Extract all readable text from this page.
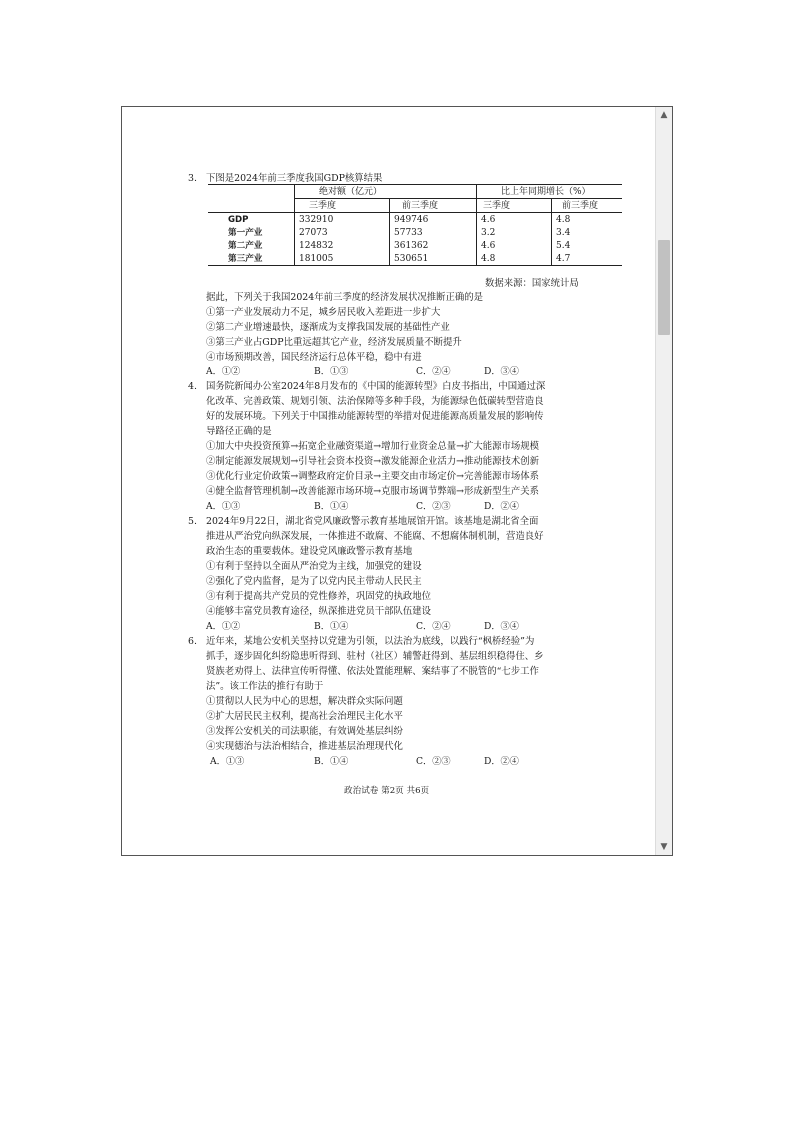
3. 下图是2024年前三季度我国GDP核算结果
	绝对额（亿元）		比上年同期增长（%）	
	三季度	前三季度	三季度	前三季度
GDP	332910	949746	4.6	4.8
第一产业	27073	57733	3.2	3.4
第二产业	124832	361362	4.6	5.4
第三产业	181005	530651	4.8	4.7
数据来源：国家统计局
据此，下列关于我国2024年前三季度的经济发展状况推断正确的是
①第一产业发展动力不足，城乡居民收入差距进一步扩大
②第二产业增速最快，逐渐成为支撑我国发展的基础性产业
③第三产业占GDP比重远超其它产业，经济发展质量不断提升
④市场预期改善，国民经济运行总体平稳，稳中有进
A．①②	B．①③	C．②④	D．③④
4. 国务院新闻办公室2024年8月发布的《中国的能源转型》白皮书指出，中国通过深
化改革、完善政策、规划引领、法治保障等多种手段，为能源绿色低碳转型营造良
好的发展环境。下列关于中国推动能源转型的举措对促进能源高质量发展的影响传
导路径正确的是
①加大中央投资预算→拓宽企业融资渠道→增加行业资金总量→扩大能源市场规模
②制定能源发展规划→引导社会资本投资→激发能源企业活力→推动能源技术创新
③优化行业定价政策→调整政府定价目录→主要交由市场定价→完善能源市场体系
④健全监督管理机制→改善能源市场环境→克服市场调节弊端→形成新型生产关系
A．①③	B．①④	C．②③	D．②④
5. 2024年9月22日，湖北省党风廉政警示教育基地展馆开馆。该基地是湖北省全面
推进从严治党向纵深发展，一体推进不敢腐、不能腐、不想腐体制机制，营造良好
政治生态的重要载体。建设党风廉政警示教育基地
①有利于坚持以全面从严治党为主线，加强党的建设
②强化了党内监督，是为了以党内民主带动人民民主
③有利于提高共产党员的党性修养，巩固党的执政地位
④能够丰富党员教育途径，纵深推进党员干部队伍建设
A．①②	B．①④	C．②④	D．③④
6. 近年来，某地公安机关坚持以党建为引领，以法治为底线，以践行“枫桥经验”为
抓手，逐步固化纠纷隐患听得到、驻村（社区）辅警赶得到、基层组织稳得住、乡
贤族老劝得上、法律宣传听得懂、依法处置能理解、案结事了不脱管的“七步工作
法”。该工作法的推行有助于
①贯彻以人民为中心的思想，解决群众实际问题
②扩大居民民主权利，提高社会治理民主化水平
③发挥公安机关的司法职能，有效调处基层纠纷
④实现德治与法治相结合，推进基层治理现代化
A．①③	B．①④	C．②③	D．②④
政治试卷 第2页 共6页
▲
▼
